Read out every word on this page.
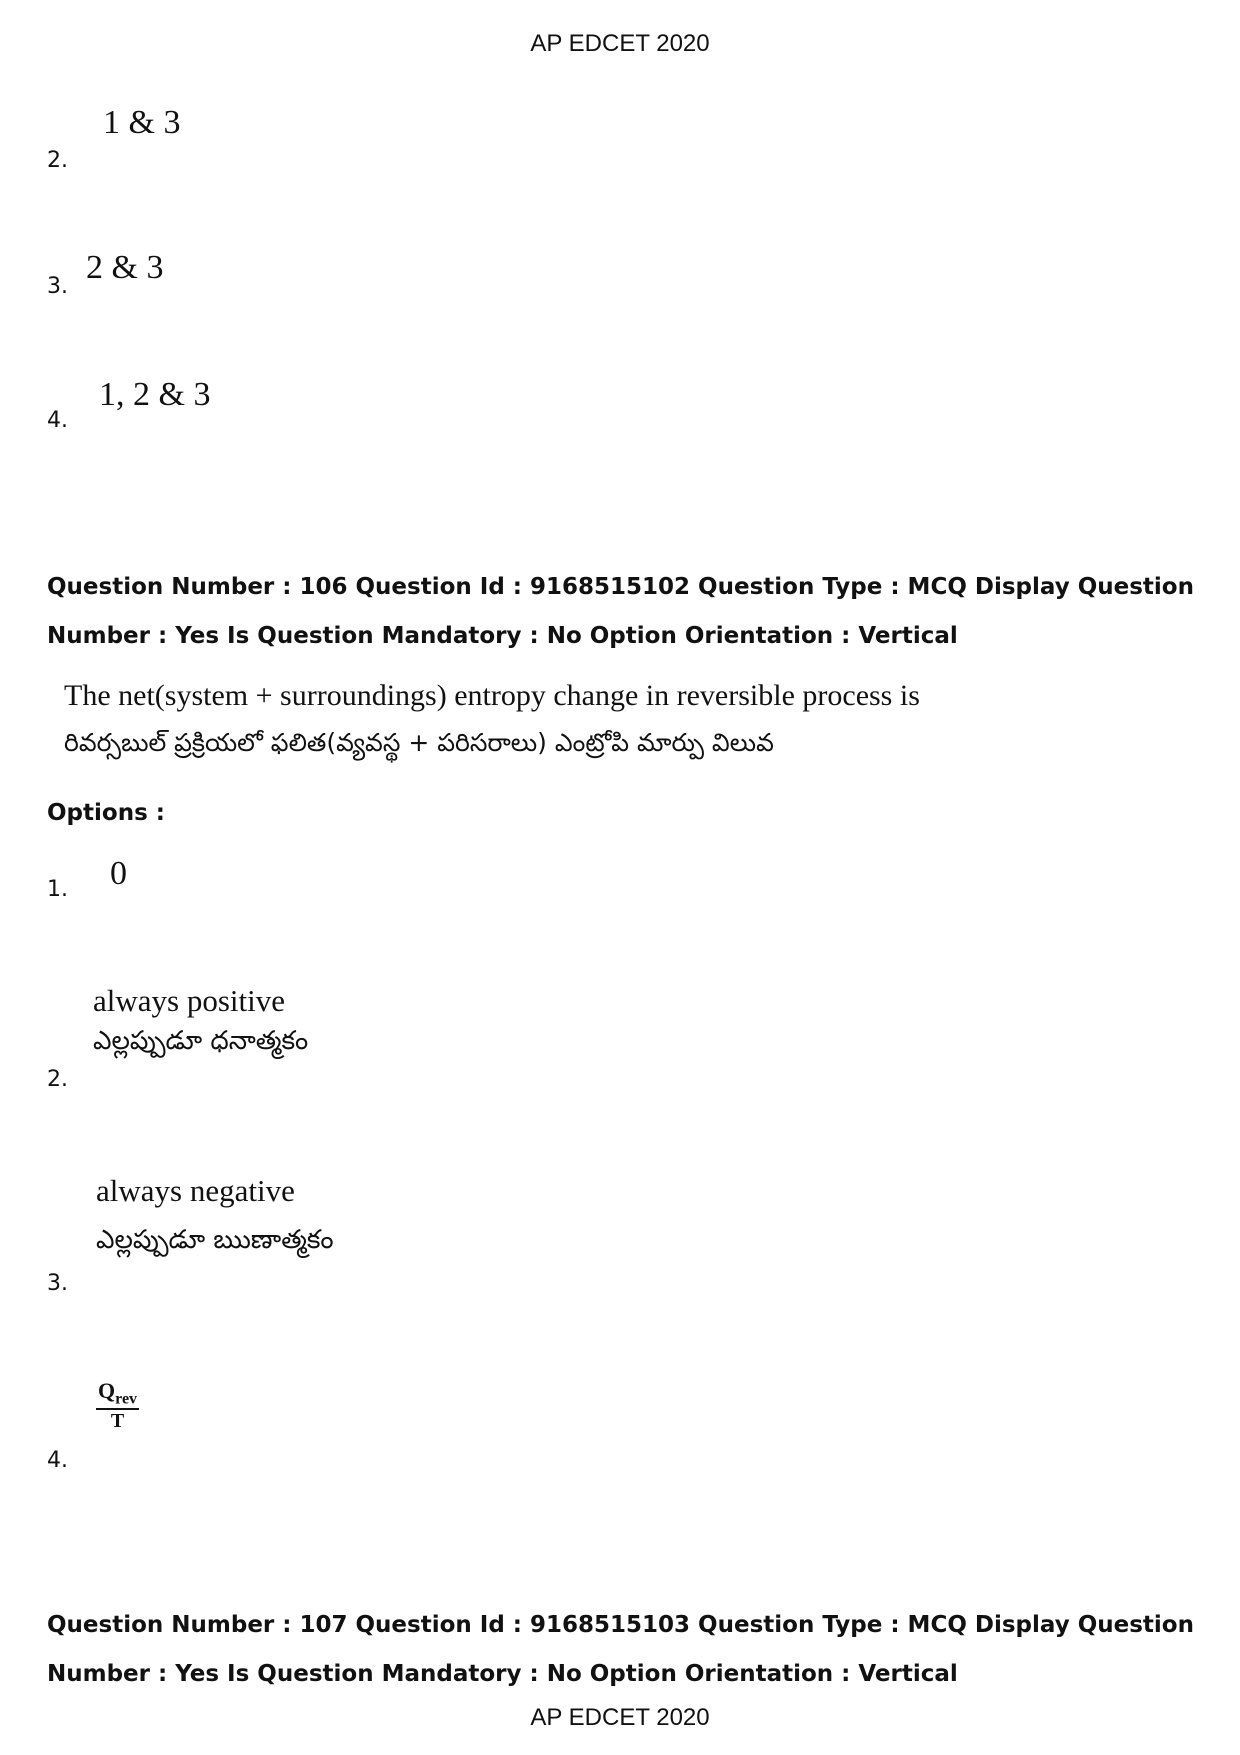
AP EDCET 2020
1 & 3
2.
2 & 3
3.
1, 2 & 3
4.
Question Number : 106 Question Id : 9168515102 Question Type : MCQ Display Question
Number : Yes Is Question Mandatory : No Option Orientation : Vertical
The net(system + surroundings) entropy change in reversible process is
రివర్సబుల్ ప్రక్రియలో ఫలిత(వ్యవస్థ + పరిసరాలు) ఎంట్రోపి మార్పు విలువ
Options :
0
1.
always positive
ఎల్లప్పుడూ ధనాత్మకం
2.
always negative
ఎల్లప్పుడూ ఋణాత్మకం
3.
$\frac{Q_{rev}}{T}$
4.
Question Number : 107 Question Id : 9168515103 Question Type : MCQ Display Question
Number : Yes Is Question Mandatory : No Option Orientation : Vertical
AP EDCET 2020
